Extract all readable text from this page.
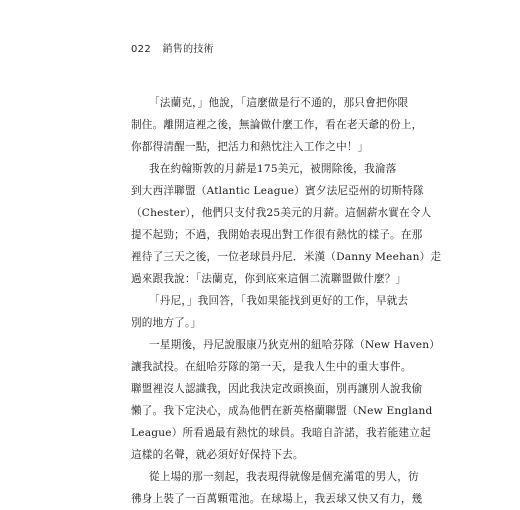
022 銷售的技術
「法蘭克，」他說，「這麼做是行不通的，那只會把你限
制住。離開這裡之後，無論做什麼工作，看在老天爺的份上，
你都得清醒一點，把活力和熱忱注入工作之中！」
我在約翰斯敦的月薪是175美元，被開除後，我淪落
到大西洋聯盟（Atlantic League）賓夕法尼亞州的切斯特隊
（Chester），他們只支付我25美元的月薪。這個薪水實在令人
提不起勁；不過，我開始表現出對工作很有熱忱的樣子。在那
裡待了三天之後，一位老球員丹尼．米漢（Danny Meehan）走
過來跟我說：「法蘭克，你到底來這個二流聯盟做什麼？」
「丹尼，」我回答，「我如果能找到更好的工作，早就去
別的地方了。」
一星期後，丹尼說服康乃狄克州的紐哈芬隊（New Haven）
讓我試投。在紐哈芬隊的第一天，是我人生中的重大事件。
聯盟裡沒人認識我，因此我決定改頭換面，別再讓別人說我偷
懶了。我下定決心，成為他們在新英格蘭聯盟（New England
League）所看過最有熱忱的球員。我暗自許諾，我若能建立起
這樣的名聲，就必須好好保持下去。
從上場的那一刻起，我表現得就像是個充滿電的男人，彷
彿身上裝了一百萬顆電池。在球場上，我丟球又快又有力，幾
